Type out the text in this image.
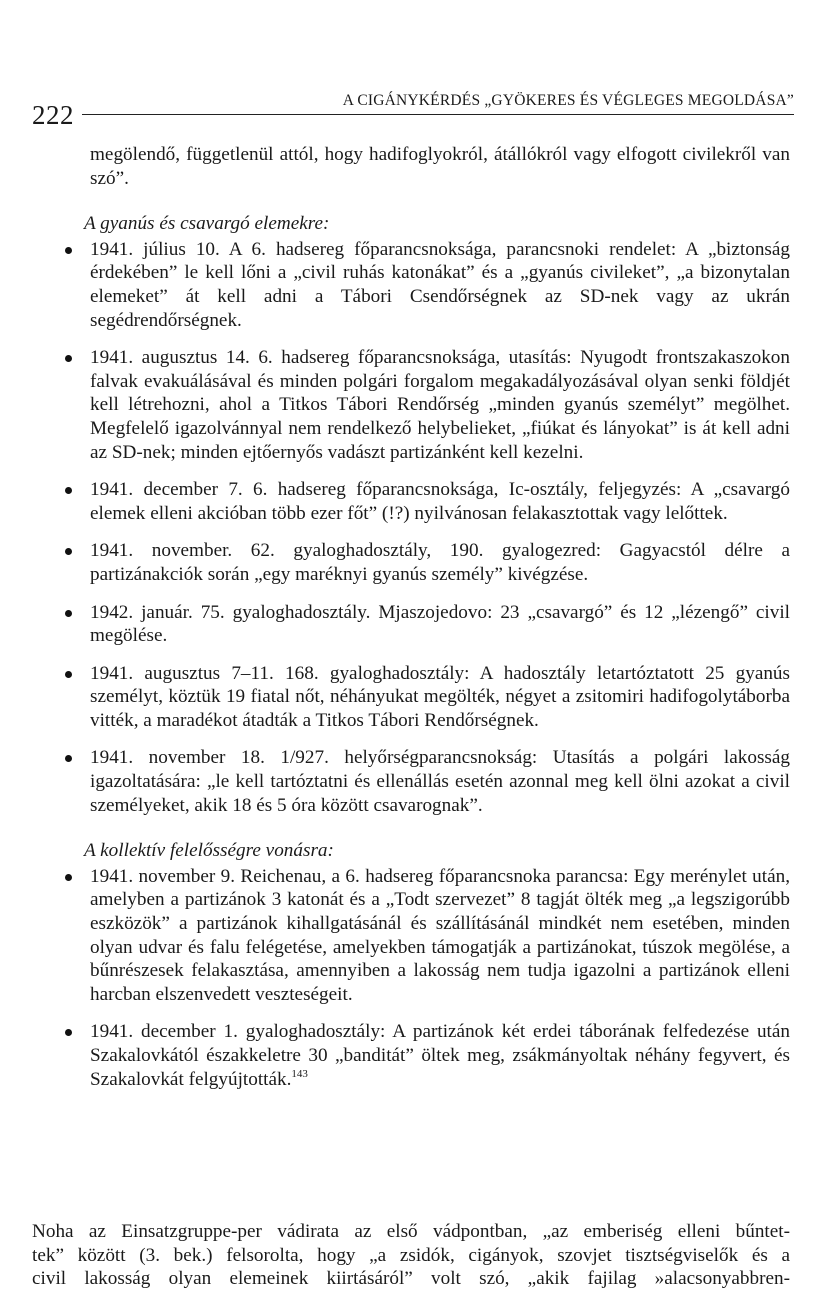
222	A CIGÁNYKÉRDÉS „GYÖKERES ÉS VÉGLEGES MEGOLDÁSA”

megölendő, függetlenül attól, hogy hadifoglyokról, átállókról vagy elfogott civilekről van szó”.

A gyanús és csavargó elemekre:

1941. július 10. A 6. hadsereg főparancsnoksága, parancsnoki rendelet: A „biztonság érdekében” le kell lőni a „civil ruhás katonákat” és a „gyanús civileket”, „a bizonytalan elemeket” át kell adni a Tábori Csendőrségnek az SD-nek vagy az ukrán segédrendőrségnek.
1941. augusztus 14. 6. hadsereg főparancsnoksága, utasítás: Nyugodt frontszakaszokon falvak evakuálásával és minden polgári forgalom megakadályozásával olyan senki földjét kell létrehozni, ahol a Titkos Tábori Rendőrség „minden gyanús személyt” megölhet. Megfelelő igazolvánnyal nem rendelkező helybelieket, „fiúkat és lányokat” is át kell adni az SD-nek; minden ejtőernyős vadászt partizánként kell kezelni.
1941. december 7. 6. hadsereg főparancsnoksága, Ic-osztály, feljegyzés: A „csavargó elemek elleni akcióban több ezer főt” (!?) nyilvánosan felakasztottak vagy lelőttek.
1941. november. 62. gyaloghadosztály, 190. gyalogezred: Gagyacstól délre a partizánakciók során „egy maréknyi gyanús személy” kivégzése.
1942. január. 75. gyaloghadosztály. Mjaszojedovo: 23 „csavargó” és 12 „lézengő” civil megölése.
1941. augusztus 7–11. 168. gyaloghadosztály: A hadosztály letartóztatott 25 gyanús személyt, köztük 19 fiatal nőt, néhányukat megölték, négyet a zsitomiri hadifogolytáborba vitték, a maradékot átadták a Titkos Tábori Rendőrségnek.
1941. november 18. 1/927. helyőrségparancsnokság: Utasítás a polgári lakosság igazoltatására: „le kell tartóztatni és ellenállás esetén azonnal meg kell ölni azokat a civil személyeket, akik 18 és 5 óra között csavarognak”.

A kollektív felelősségre vonásra:

1941. november 9. Reichenau, a 6. hadsereg főparancsnoka parancsa: Egy merénylet után, amelyben a partizánok 3 katonát és a „Todt szervezet” 8 tagját ölték meg „a legszigorúbb eszközök” a partizánok kihallgatásánál és szállításánál mindkét nem esetében, minden olyan udvar és falu felégetése, amelyekben támogatják a partizánokat, túszok megölése, a bűnrészesek felakasztása, amennyiben a lakosság nem tudja igazolni a partizánok elleni harcban elszenvedett veszteségeit.
1941. december 1. gyaloghadosztály: A partizánok két erdei táborának felfedezése után Szakalovkától északkeletre 30 „banditát” öltek meg, zsákmányoltak néhány fegyvert, és Szakalovkát felgyújtották.$^{143}$

Noha az Einsatzgruppe-per vádirata az első vádpontban, „az emberiség elleni bűntet-
tek” között (3. bek.) felsorolta, hogy „a zsidók, cigányok, szovjet tisztségviselők és a
civil lakosság olyan elemeinek kiirtásáról” volt szó, „akik fajilag »alacsonyabbren-
